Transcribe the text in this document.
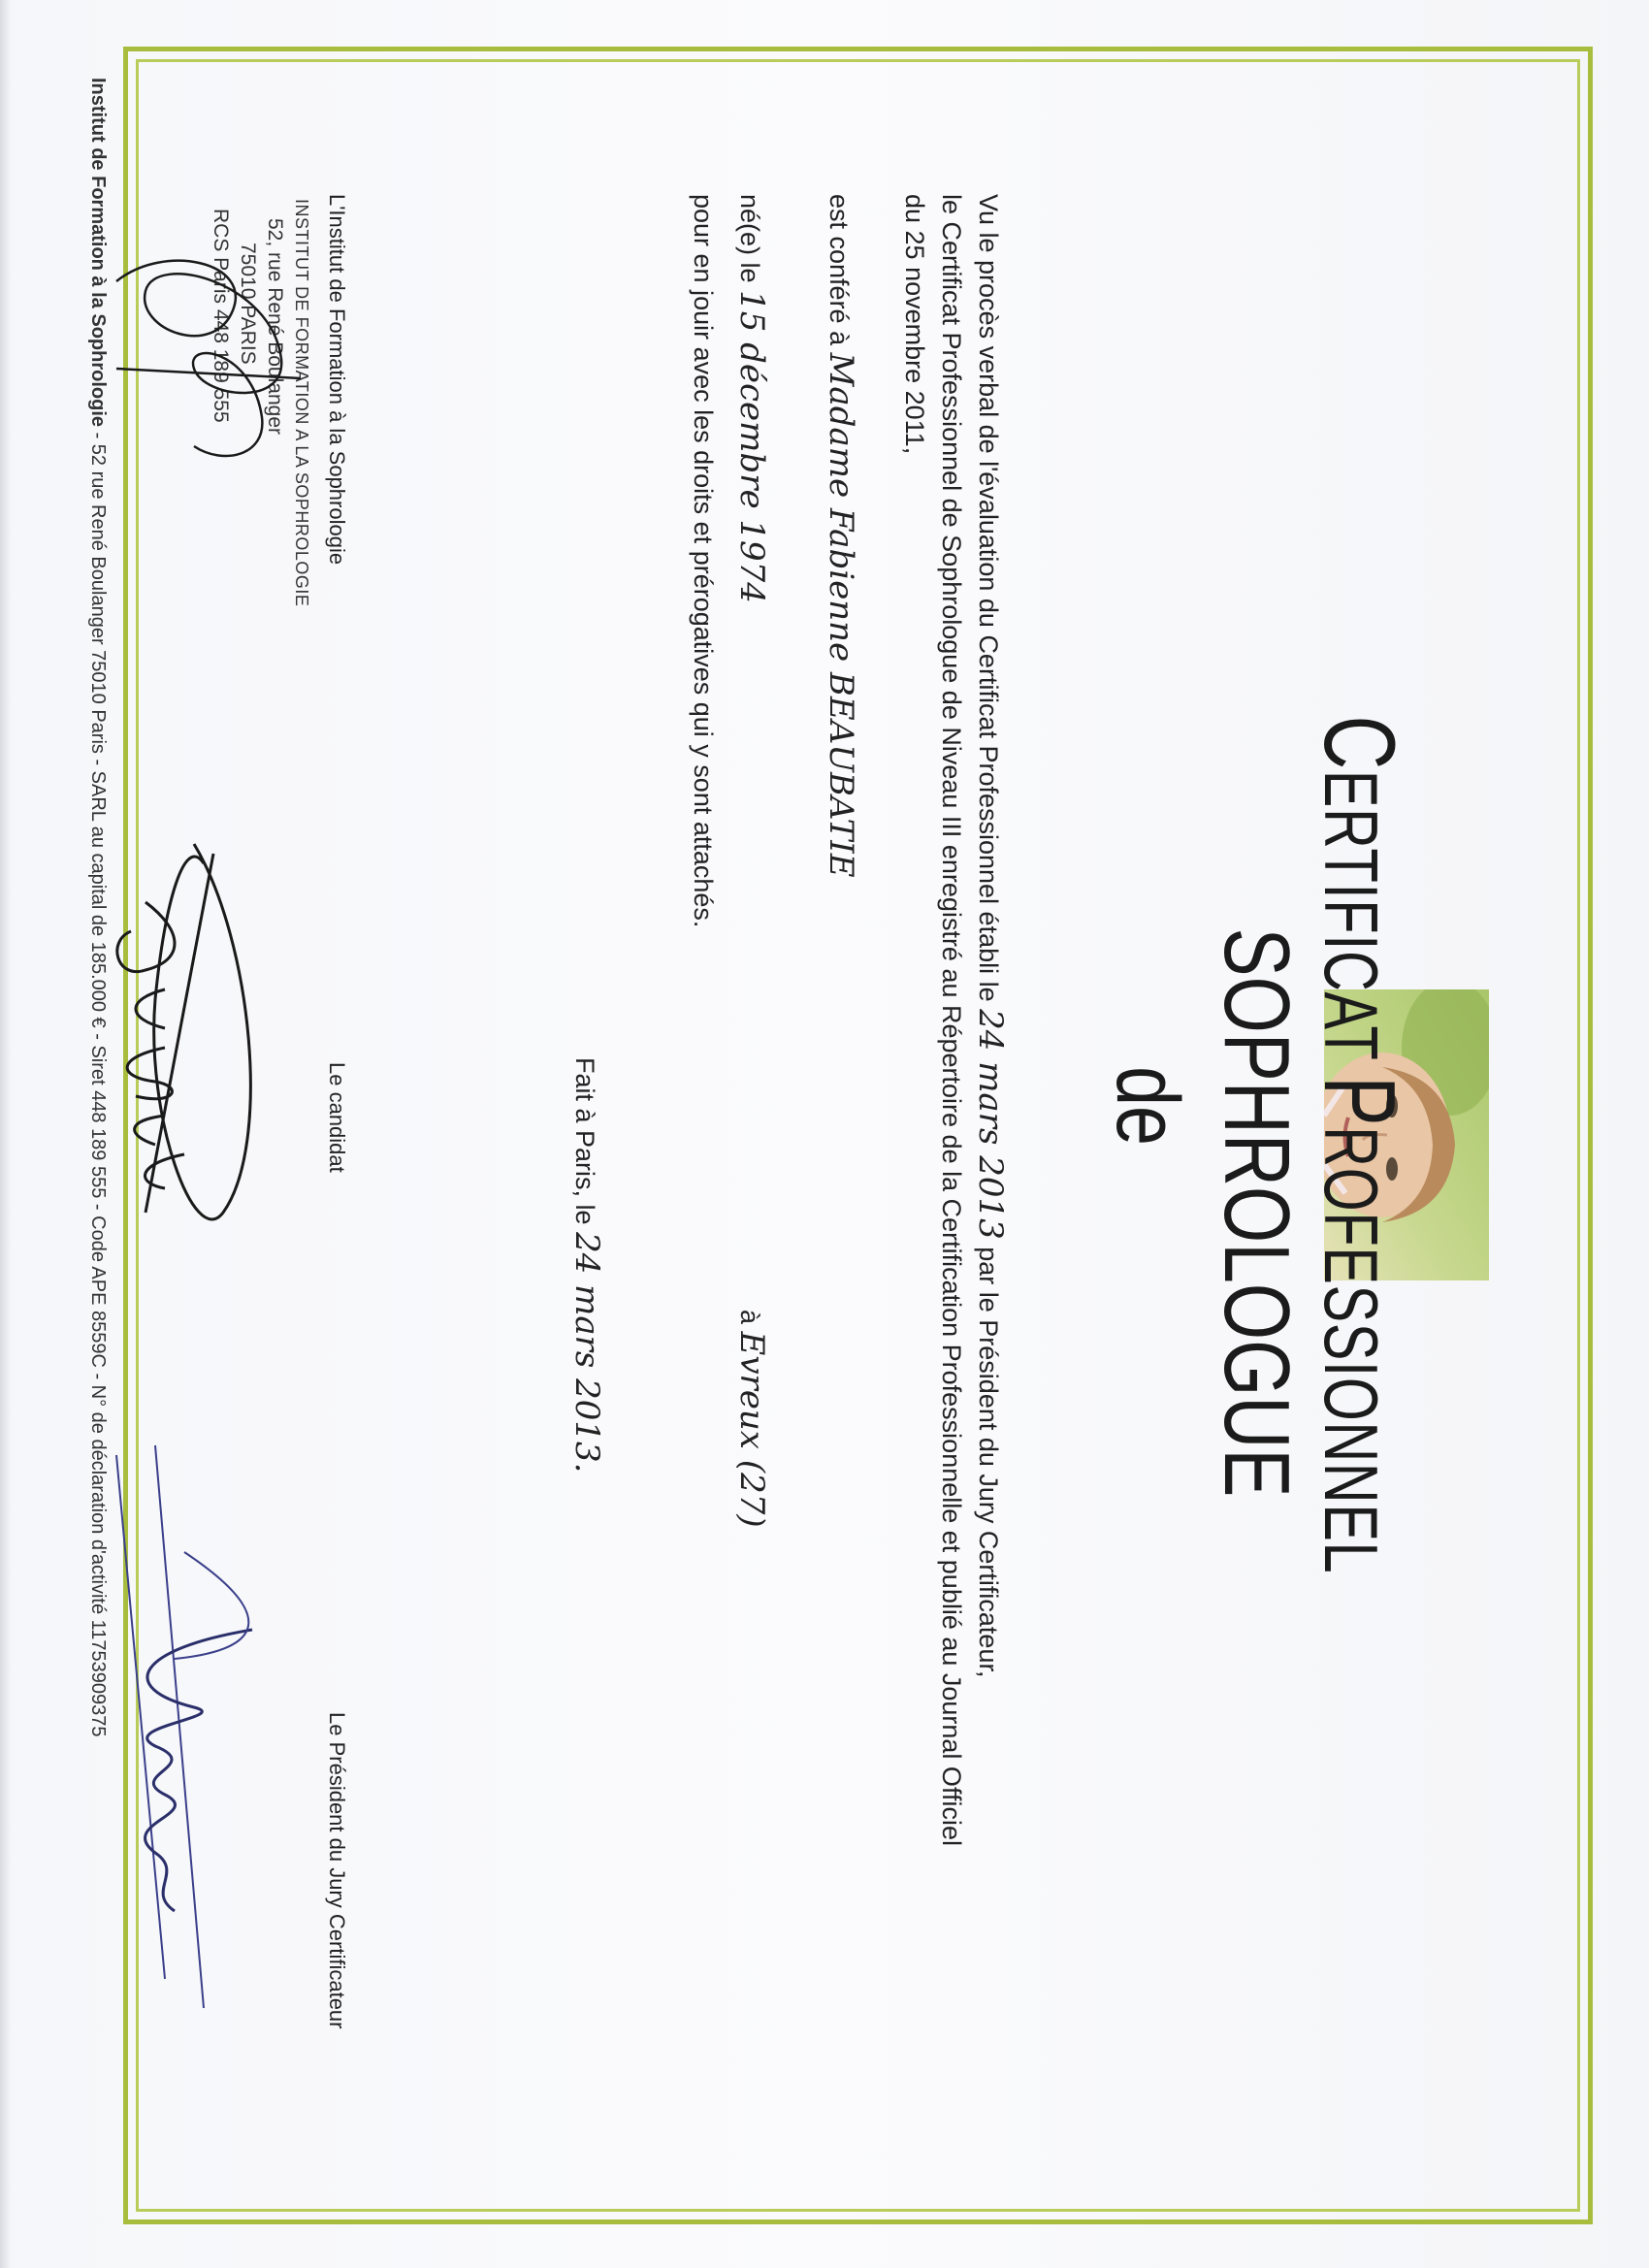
CERTIFICAT PROFESSIONNEL
de SOPHROLOGUE
Vu le procès verbal de l'évaluation du Certificat Professionnel établi le 24 mars 2013 par le Président du Jury Certificateur,
le Certificat Professionnel de Sophrologue de Niveau III enregistré au Répertoire de la Certification Professionnelle et publié au Journal Officiel
du 25 novembre 2011,
est conféré à Madame Fabienne BEAUBATIE
né(e) le 15 décembre 1974
à Evreux (27)
pour en jouir avec les droits et prérogatives qui y sont attachés.
Fait à Paris, le 24 mars 2013.
L'Institut de Formation à la Sophrologie
Le candidat
Le Président du Jury Certificateur
INSTITUT DE FORMATION A LA SOPHROLOGIE
52, rue René Boulanger
75010 PARIS
RCS Paris 448 189 555
Institut de Formation à la Sophrologie - 52 rue René Boulanger 75010 Paris - SARL au capital de 185.000 € - Siret 448 189 555 - Code APE 8559C - N° de déclaration d'activité 11753909375
